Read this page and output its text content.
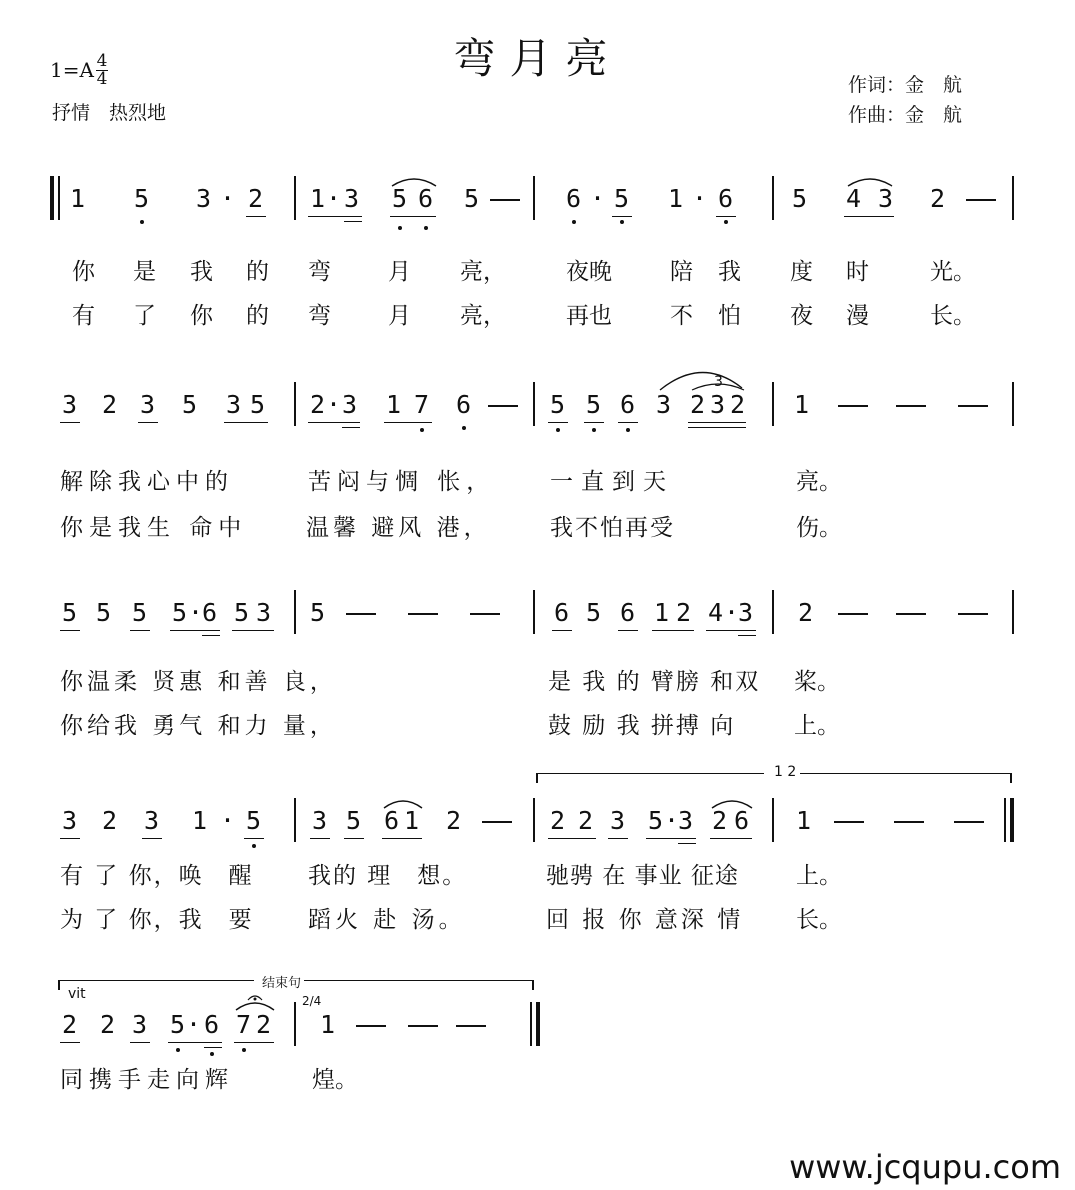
弯月亮
1=A 4
4
抒情　热烈地
作词：金　航
作曲：金　航
1 5 3 · 2 1 · 3 5 6 5	6 · 5 1 · 6 5 4 3 2
你 是 我 的 弯 月 亮，	夜晚	陪 我 度 时	光。
有 了 你 的 弯 月 亮，	再也	不 怕 夜 漫	长。
3 2 3 5 3 5 2 · 3 1 7 6	5 5 6 3 2 3 2
3
1
解除我心中的	苦闷与惆 怅， 一直到天	亮。
你是我生 命中	温馨 避风 港，	我不怕再受	伤。
5 5 5 5 ·
6 5 3 5	6 5 6 1 2 4 ·
3 2
你温柔 贤惠 和善 良，	是 我 的 臂膀 和双 桨。
你给我 勇气 和力 量，	鼓 励 我 拼搏 向	上。
1 2
3 2 3 1 · 5 3 5 6 1 2	2 2 3 5 ·
3 2 6 1
有 了 你，唤　醒 我的 理　想。	驰骋 在 事业 征途 上。
为 了 你，我　要 蹈火 赴 汤。	回 报 你 意深 情 长。
结束句
vit
2 2 3 5 · 6 7 2
2/4
1
同携手走向辉	煌。
www.jcqupu.com
